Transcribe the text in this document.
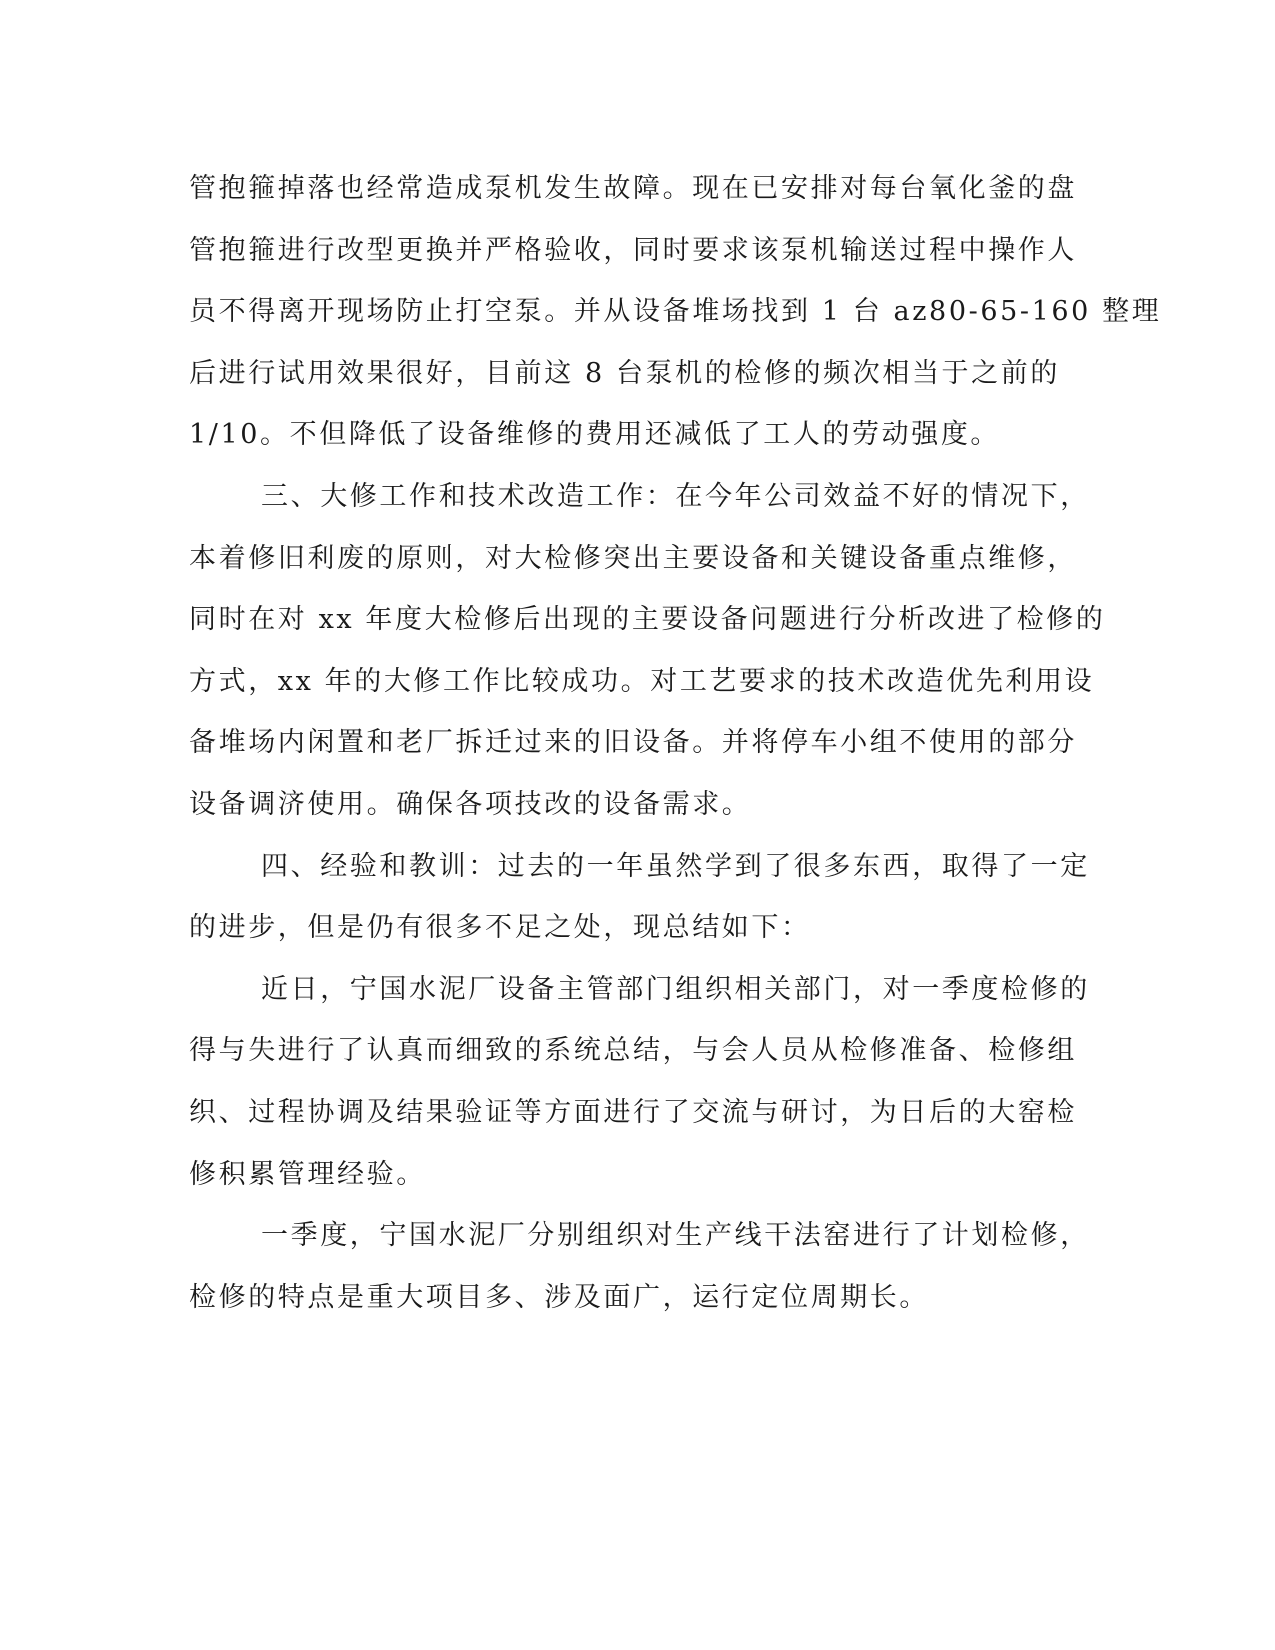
管抱箍掉落也经常造成泵机发生故障。现在已安排对每台氧化釜的盘
管抱箍进行改型更换并严格验收，同时要求该泵机输送过程中操作人
员不得离开现场防止打空泵。并从设备堆场找到 1 台 az80-65-160 整理
后进行试用效果很好，目前这 8 台泵机的检修的频次相当于之前的
1/10。不但降低了设备维修的费用还减低了工人的劳动强度。
三、大修工作和技术改造工作：在今年公司效益不好的情况下，
本着修旧利废的原则，对大检修突出主要设备和关键设备重点维修，
同时在对 xx 年度大检修后出现的主要设备问题进行分析改进了检修的
方式，xx 年的大修工作比较成功。对工艺要求的技术改造优先利用设
备堆场内闲置和老厂拆迁过来的旧设备。并将停车小组不使用的部分
设备调济使用。确保各项技改的设备需求。
四、经验和教训：过去的一年虽然学到了很多东西，取得了一定
的进步，但是仍有很多不足之处，现总结如下：
近日，宁国水泥厂设备主管部门组织相关部门，对一季度检修的
得与失进行了认真而细致的系统总结，与会人员从检修准备、检修组
织、过程协调及结果验证等方面进行了交流与研讨，为日后的大窑检
修积累管理经验。
一季度，宁国水泥厂分别组织对生产线干法窑进行了计划检修，
检修的特点是重大项目多、涉及面广，运行定位周期长。
